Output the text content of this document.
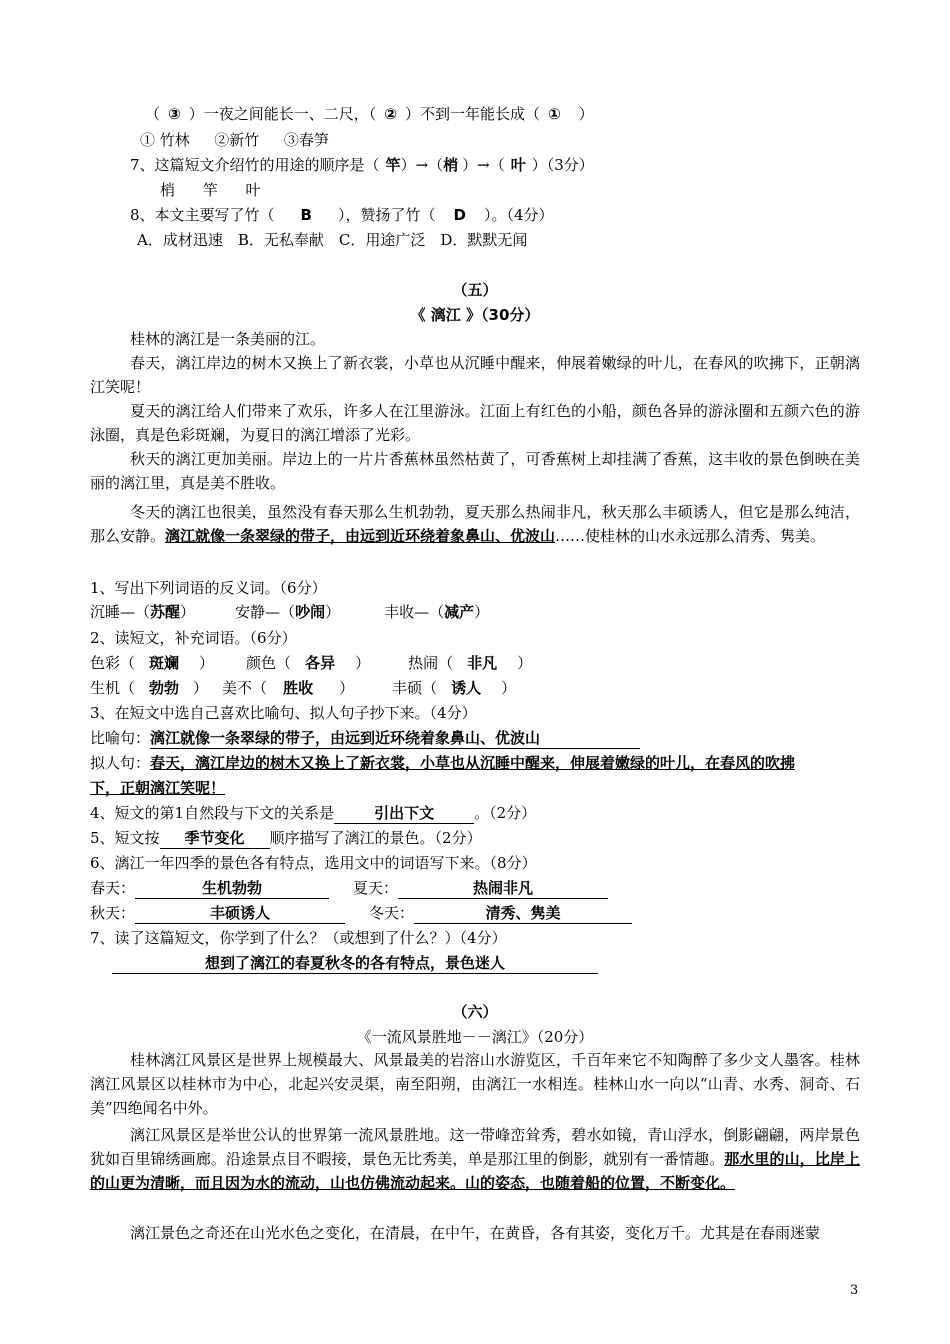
（ ③ ）一夜之间能长一、二尺，（ ② ）不到一年能长成（ ① ）
① 竹林 　 ②新竹 　 ③春笋
7、这篇短文介绍竹的用途的顺序是（ 竿）→（梢 ）→（ 叶 ）（3分）
梢　 竿　 叶
8、本文主要写了竹（ B ），赞扬了竹（ D ）。（4分）
A．成材迅速　B．无私奉献　C．用途广泛　D．默默无闻
（五）
《 漓江 》（30分）
桂林的漓江是一条美丽的江。
春天，漓江岸边的树木又换上了新衣裳，小草也从沉睡中醒来，伸展着嫩绿的叶儿，在春风的吹拂下，正朝漓江笑呢！
夏天的漓江给人们带来了欢乐，许多人在江里游泳。江面上有红色的小船，颜色各异的游泳圈和五颜六色的游泳圈，真是色彩斑斓，为夏日的漓江增添了光彩。
秋天的漓江更加美丽。岸边上的一片片香蕉林虽然枯黄了，可香蕉树上却挂满了香蕉，这丰收的景色倒映在美丽的漓江里，真是美不胜收。
冬天的漓江也很美，虽然没有春天那么生机勃勃，夏天那么热闹非凡，秋天那么丰硕诱人，但它是那么纯洁，那么安静。漓江就像一条翠绿的带子，由远到近环绕着象鼻山、优波山……使桂林的山水永远那么清秀、隽美。
1、写出下列词语的反义词。（6分）
沉睡—（苏醒）	安静—（吵闹）	丰收—（减产）
2、读短文，补充词语。（6分）
色彩（ 斑斓 ） 颜色（ 各异 ）	热闹（ 非凡 ）
生机（ 勃勃 ） 美不（ 胜收 ）	丰硕（ 诱人 ）
3、在短文中选自己喜欢比喻句、拟人句子抄下来。（4分）
比喻句：漓江就像一条翠绿的带子，由远到近环绕着象鼻山、优波山
拟人句：春天，漓江岸边的树木又换上了新衣裳，小草也从沉睡中醒来，伸展着嫩绿的叶儿，在春风的吹拂
下，正朝漓江笑呢！
4、短文的第1自然段与下文的关系是	引出下文	。（2分）
5、短文按 季节变化 顺序描写了漓江的景色。（2分）
6、漓江一年四季的景色各有特点，选用文中的词语写下来。（8分）
春天：	生机勃勃	夏天：	热闹非凡
秋天：	丰硕诱人	冬天：	清秀、隽美
7、读了这篇短文，你学到了什么？（或想到了什么？）（4分）
想到了漓江的春夏秋冬的各有特点，景色迷人
（六）
《一流风景胜地－－漓江》（20分）
桂林漓江风景区是世界上规模最大、风景最美的岩溶山水游览区，千百年来它不知陶醉了多少文人墨客。桂林漓江风景区以桂林市为中心，北起兴安灵渠，南至阳朔，由漓江一水相连。桂林山水一向以“山青、水秀、洞奇、石美”四绝闻名中外。
漓江风景区是举世公认的世界第一流风景胜地。这一带峰峦耸秀，碧水如镜，青山浮水，倒影翩翩，两岸景色犹如百里锦绣画廊。沿途景点目不暇接，景色无比秀美，单是那江里的倒影，就别有一番情趣。那水里的山，比岸上的山更为清晰，而且因为水的流动，山也仿佛流动起来。山的姿态，也随着船的位置，不断变化。
漓江景色之奇还在山光水色之变化，在清晨，在中午，在黄昏，各有其姿，变化万千。尤其是在春雨迷蒙
3
